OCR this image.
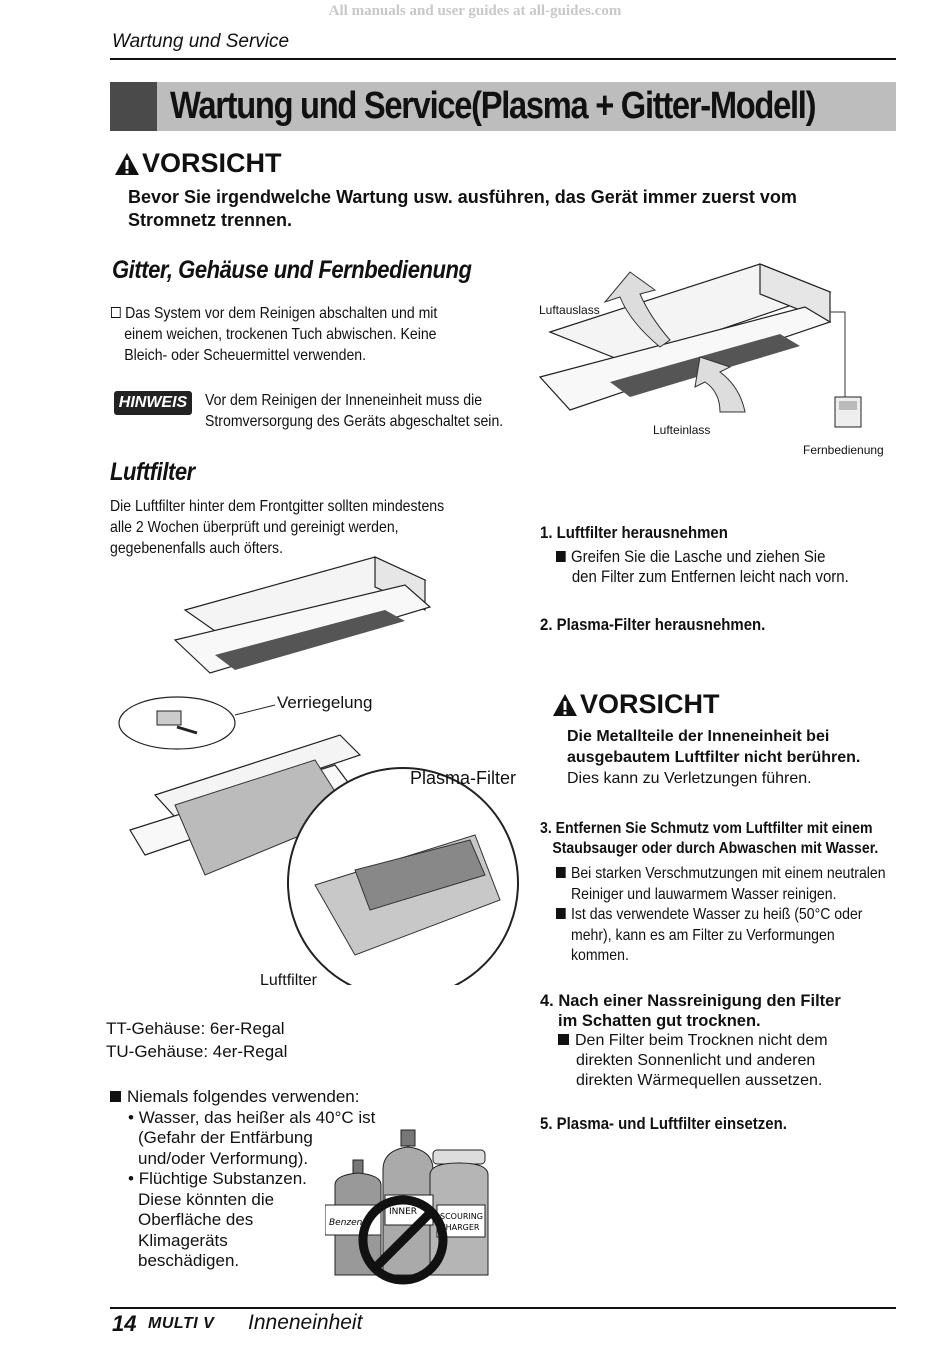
All manuals and user guides at all-guides.com
Wartung und Service
Wartung und Service(Plasma + Gitter-Modell)
VORSICHT
Bevor Sie irgendwelche Wartung usw. ausführen, das Gerät immer zuerst vom
Stromnetz trennen.
Gitter, Gehäuse und Fernbedienung
Das System vor dem Reinigen abschalten und mit
einem weichen, trockenen Tuch abwischen. Keine
Bleich- oder Scheuermittel verwenden.
HINWEIS Vor dem Reinigen der Inneneinheit muss die
Stromversorgung des Geräts abgeschaltet sein.
Luftauslass
Lufteinlass
Fernbedienung
Luftfilter
Die Luftfilter hinter dem Frontgitter sollten mindestens
alle 2 Wochen überprüft und gereinigt werden,
gegebenenfalls auch öfters.
Verriegelung
Plasma-Filter
Luftfilter
TT-Gehäuse: 6er-Regal
TU-Gehäuse: 4er-Regal
Niemals folgendes verwenden:
• Wasser, das heißer als 40°C ist
(Gefahr der Entfärbung
und/oder Verformung).
• Flüchtige Substanzen.
Diese könnten die
Oberfläche des
Klimageräts
beschädigen.
Benzene
INNER	SCOURING
CHARGER
1. Luftfilter herausnehmen
Greifen Sie die Lasche und ziehen Sie
den Filter zum Entfernen leicht nach vorn.
2. Plasma-Filter herausnehmen.
VORSICHT
Die Metallteile der Inneneinheit bei
ausgebautem Luftfilter nicht berühren.
Dies kann zu Verletzungen führen.
3. Entfernen Sie Schmutz vom Luftfilter mit einem
Staubsauger oder durch Abwaschen mit Wasser.
Bei starken Verschmutzungen mit einem neutralen
Reiniger und lauwarmem Wasser reinigen.
Ist das verwendete Wasser zu heiß (50°C oder
mehr), kann es am Filter zu Verformungen
kommen.
4. Nach einer Nassreinigung den Filter
im Schatten gut trocknen.
Den Filter beim Trocknen nicht dem
direkten Sonnenlicht und anderen
direkten Wärmequellen aussetzen.
5. Plasma- und Luftfilter einsetzen.
14 MULTI V Inneneinheit
